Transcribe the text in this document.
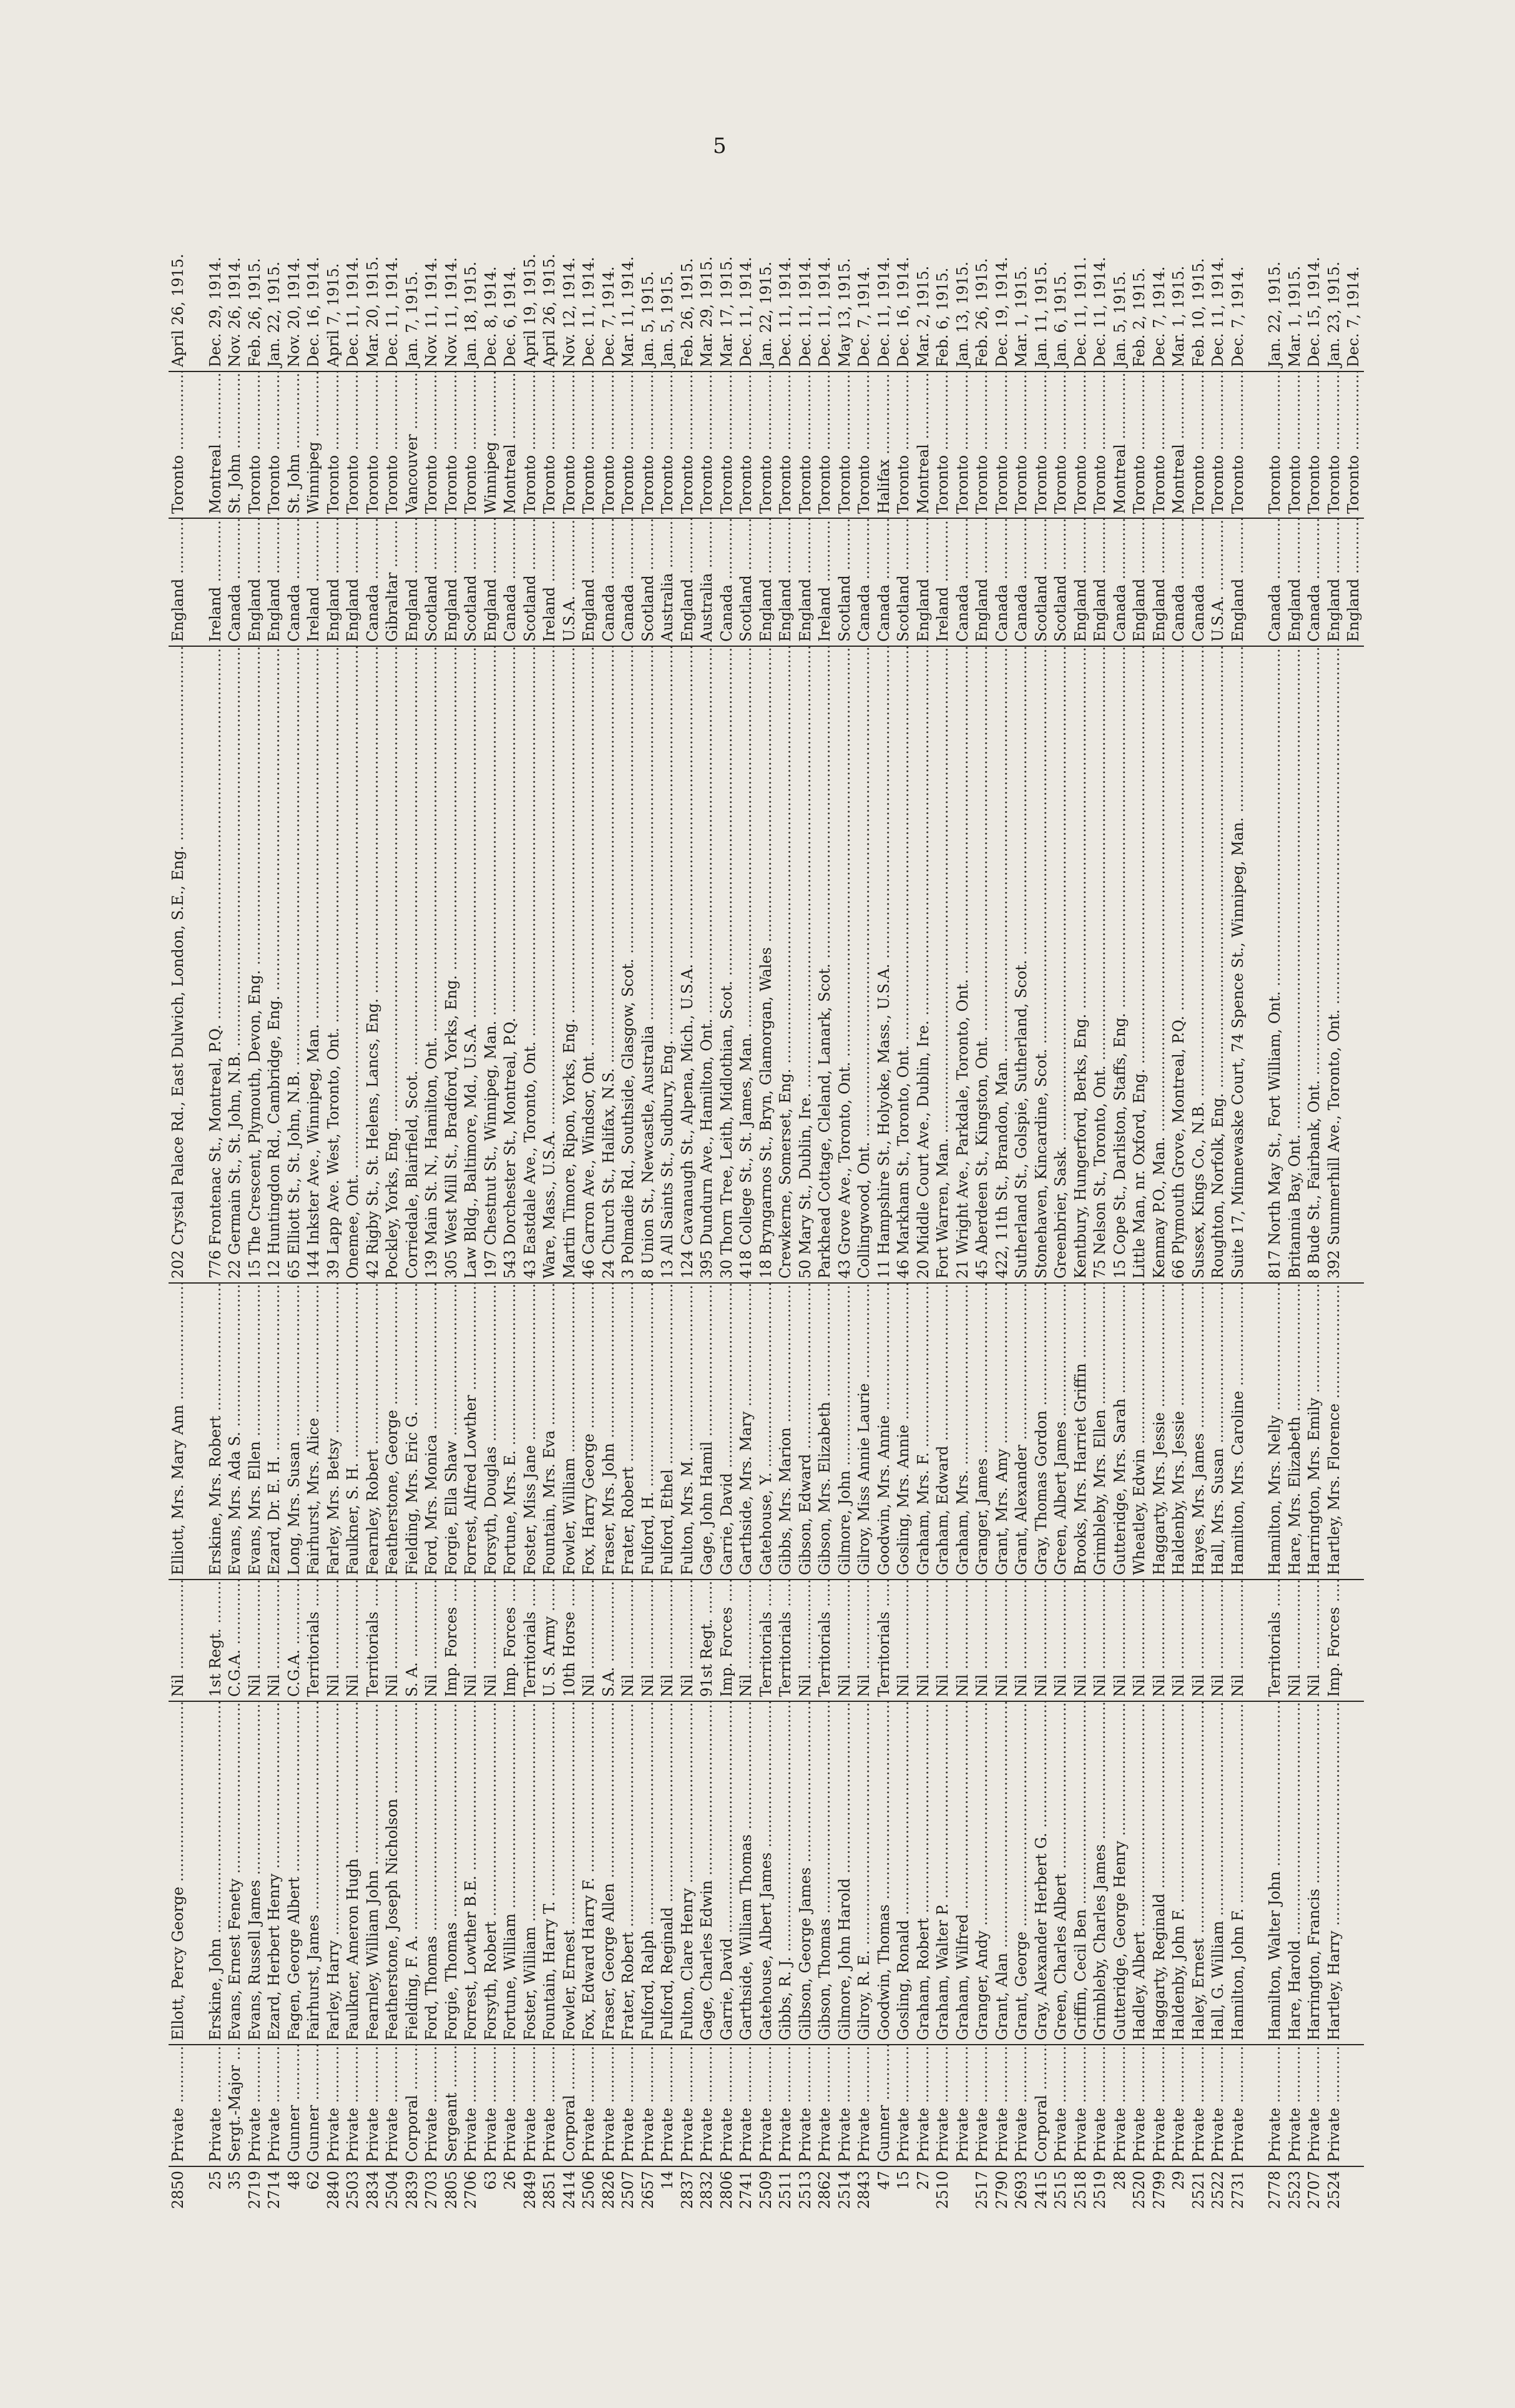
5
2850	Private .....	Ellott, Percy George .....	Nil .....	Elliott, Mrs. Mary Ann .....	202 Crystal Palace Rd., East Dulwich, London, S.E., Eng. .....	England .....	Toronto .....	April 26, 1915.
25	Private .....	Erskine, John .....	1st Regt. .....	Erskine, Mrs. Robert .....	776 Frontenac St., Montreal, P.Q. .....	Ireland .....	Montreal .....	Dec. 29, 1914.
35	Sergt.-Major .....	Evans, Ernest Fenety .....	C.G.A. .....	Evans, Mrs. Ada S. .....	22 Germain St., St. John, N.B. .....	Canada .....	St. John .....	Nov. 26, 1914.
2719	Private .....	Evans, Russell James .....	Nil .....	Evans, Mrs. Ellen .....	15 The Crescent, Plymouth, Devon, Eng. .....	England .....	Toronto .....	Feb. 26, 1915.
2714	Private .....	Ezard, Herbert Henry .....	Nil .....	Ezard, Dr. E. H. .....	12 Huntingdon Rd., Cambridge, Eng. .....	England .....	Toronto .....	Jan. 22, 1915.
48	Gunner .....	Fagen, George Albert .....	C.G.A. .....	Long, Mrs. Susan .....	65 Elliott St., St. John, N.B. .....	Canada .....	St. John .....	Nov. 20, 1914.
62	Gunner .....	Fairhurst, James .....	Territorials .....	Fairhurst, Mrs. Alice .....	144 Inkster Ave., Winnipeg, Man. .....	Ireland .....	Winnipeg .....	Dec. 16, 1914.
2840	Private .....	Farley, Harry .....	Nil .....	Farley, Mrs. Betsy .....	39 Lapp Ave. West, Toronto, Ont. .....	England .....	Toronto .....	April 7, 1915.
2503	Private .....	Faulkner, Ameron Hugh .....	Nil .....	Faulkner, S. H. .....	Onemee, Ont. .....	England .....	Toronto .....	Dec. 11, 1914.
2834	Private .....	Fearnley, William John .....	Territorials .....	Fearnley, Robert .....	42 Rigby St., St. Helens, Lancs, Eng. .....	Canada .....	Toronto .....	Mar. 20, 1915.
2504	Private .....	Featherstone, Joseph Nicholson .....	Nil .....	Featherstone, George .....	Pockley, Yorks, Eng. .....	Gibraltar .....	Toronto .....	Dec. 11, 1914.
2839	Corporal .....	Fielding, F. A. .....	S. A. .....	Fielding, Mrs. Eric G. .....	Corriedale, Blairfield, Scot. .....	England .....	Vancouver .....	Jan. 7, 1915.
2703	Private .....	Ford, Thomas .....	Nil .....	Ford, Mrs. Monica .....	139 Main St. N., Hamilton, Ont. .....	Scotland .....	Toronto .....	Nov. 11, 1914.
2805	Sergeant .....	Forgie, Thomas .....	Imp. Forces .....	Forgie, Ella Shaw .....	305 West Mill St., Bradford, Yorks, Eng. .....	England .....	Toronto .....	Nov. 11, 1914.
2706	Private .....	Forrest, Lowther B.E. .....	Nil .....	Forrest, Alfred Lowther .....	Law Bldg., Baltimore, Md., U.S.A. .....	Scotland .....	Toronto .....	Jan. 18, 1915.
63	Private .....	Forsyth, Robert .....	Nil .....	Forsyth, Douglas .....	197 Chestnut St., Winnipeg, Man. .....	England .....	Winnipeg .....	Dec. 8, 1914.
26	Private .....	Fortune, William .....	Imp. Forces .....	Fortune, Mrs. E. .....	543 Dorchester St., Montreal, P.Q. .....	Canada .....	Montreal .....	Dec. 6, 1914.
2849	Private .....	Foster, William .....	Territorials .....	Foster, Miss Jane .....	43 Eastdale Ave., Toronto, Ont. .....	Scotland .....	Toronto .....	April 19, 1915.
2851	Private .....	Fountain, Harry T. .....	U. S. Army .....	Fountain, Mrs. Eva .....	Ware, Mass., U.S.A. .....	Ireland .....	Toronto .....	April 26, 1915.
2414	Corporal .....	Fowler, Ernest .....	10th Horse .....	Fowler, William .....	Martin Timore, Ripon, Yorks, Eng. .....	U.S.A. .....	Toronto .....	Nov. 12, 1914.
2506	Private .....	Fox, Edward Harry F. .....	Nil .....	Fox, Harry George .....	46 Carron Ave., Windsor, Ont. .....	England .....	Toronto .....	Dec. 11, 1914.
2826	Private .....	Fraser, George Allen .....	S.A. .....	Fraser, Mrs. John .....	24 Church St., Halifax, N.S. .....	Canada .....	Toronto .....	Dec. 7, 1914.
2507	Private .....	Frater, Robert .....	Nil .....	Frater, Robert .....	3 Polmadie Rd., Southside, Glasgow, Scot. .....	Canada .....	Toronto .....	Mar. 11, 1914.
2657	Private .....	Fulford, Ralph .....	Nil .....	Fulford, H. .....	8 Union St., Newcastle, Australia .....	Scotland .....	Toronto .....	Jan. 5, 1915.
14	Private .....	Fulford, Reginald .....	Nil .....	Fulford, Ethel .....	13 All Saints St., Sudbury, Eng. .....	Australia .....	Toronto .....	Jan. 5, 1915.
2837	Private .....	Fulton, Clare Henry .....	Nil .....	Fulton, Mrs. M. .....	124 Cavanaugh St., Alpena, Mich., U.S.A. .....	England .....	Toronto .....	Feb. 26, 1915.
2832	Private .....	Gage, Charles Edwin .....	91st Regt. .....	Gage, John Hamil .....	395 Dundurn Ave., Hamilton, Ont. .....	Australia .....	Toronto .....	Mar. 29, 1915.
2806	Private .....	Garrie, David .....	Imp. Forces .....	Garrie, David .....	30 Thorn Tree, Leith, Midlothian, Scot. .....	Canada .....	Toronto .....	Mar. 17, 1915.
2741	Private .....	Garthside, William Thomas .....	Nil .....	Garthside, Mrs. Mary .....	418 College St., St. James, Man. .....	Scotland .....	Toronto .....	Dec. 11, 1914.
2509	Private .....	Gatehouse, Albert James .....	Territorials .....	Gatehouse, Y. .....	18 Bryngarnos St., Bryn, Glamorgan, Wales .....	England .....	Toronto .....	Jan. 22, 1915.
2511	Private .....	Gibbs, R. J. .....	Territorials .....	Gibbs, Mrs. Marion .....	Crewkerne, Somerset, Eng. .....	England .....	Toronto .....	Dec. 11, 1914.
2513	Private .....	Gilbson, George James .....	Nil .....	Gibson, Edward .....	50 Mary St., Dublin, Ire. .....	England .....	Toronto .....	Dec. 11, 1914.
2862	Private .....	Gibson, Thomas .....	Territorials .....	Gibson, Mrs. Elizabeth .....	Parkhead Cottage, Cleland, Lanark, Scot. .....	Ireland .....	Toronto .....	Dec. 11, 1914.
2514	Private .....	Gilmore, John Harold .....	Nil .....	Gilmore, John .....	43 Grove Ave., Toronto, Ont. .....	Scotland .....	Toronto .....	May 13, 1915.
2843	Private .....	Gilroy, R. E. .....	Nil .....	Gilroy, Miss Annie Laurie .....	Collingwood, Ont. .....	Canada .....	Toronto .....	Dec. 7, 1914.
47	Gunner .....	Goodwin, Thomas .....	Territorials .....	Goodwin, Mrs. Annie .....	11 Hampshire St., Holyoke, Mass., U.S.A. .....	Canada .....	Halifax .....	Dec. 11, 1914.
15	Private .....	Gosling, Ronald .....	Nil .....	Gosling, Mrs. Annie .....	46 Markham St., Toronto, Ont. .....	Scotland .....	Toronto .....	Dec. 16, 1914.
27	Private .....	Graham, Robert .....	Nil .....	Graham, Mrs. F. .....	20 Middle Court Ave., Dublin, Ire. .....	England .....	Montreal .....	Mar. 2, 1915.
2510	Private .....	Graham, Walter P. .....	Nil .....	Graham, Edward .....	Fort Warren, Man. .....	Ireland .....	Toronto .....	Feb. 6, 1915.
	Private .....	Graham, Wilfred .....	Nil .....	Graham, Mrs. .....	21 Wright Ave., Parkdale, Toronto, Ont. .....	Canada .....	Toronto .....	Jan. 13, 1915.
2517	Private .....	Granger, Andy .....	Nil .....	Granger, James .....	45 Aberdeen St., Kingston, Ont. .....	England .....	Toronto .....	Feb. 26, 1915.
2790	Private .....	Grant, Alan .....	Nil .....	Grant, Mrs. Amy .....	422, 11th St., Brandon, Man. .....	Canada .....	Toronto .....	Dec. 19, 1914.
2693	Private .....	Grant, George .....	Nil .....	Grant, Alexander .....	Sutherland St., Golspie, Sutherland, Scot. .....	Canada .....	Toronto .....	Mar. 1, 1915.
2415	Corporal .....	Gray, Alexander Herbert G. .....	Nil .....	Gray, Thomas Gordon .....	Stonehaven, Kincardine, Scot. .....	Scotland .....	Toronto .....	Jan. 11, 1915.
2515	Private .....	Green, Charles Albert .....	Nil .....	Green, Albert James .....	Greenbrier, Sask. .....	Scotland .....	Toronto .....	Jan. 6, 1915.
2518	Private .....	Griffin, Cecil Ben .....	Nil .....	Brooks, Mrs. Harriet Griffin .....	Kentbury, Hungerford, Berks, Eng. .....	England .....	Toronto .....	Dec. 11, 1911.
2519	Private .....	Grimbleby, Charles James .....	Nil .....	Grimbleby, Mrs. Ellen .....	75 Nelson St., Toronto, Ont. .....	England .....	Toronto .....	Dec. 11, 1914.
28	Private .....	Gutteridge, George Henry .....	Nil .....	Gutteridge, Mrs. Sarah .....	15 Cope St., Darliston, Staffs, Eng. .....	Canada .....	Montreal .....	Jan. 5, 1915.
2520	Private .....	Hadley, Albert .....	Nil .....	Wheatley, Edwin .....	Little Man, nr. Oxford, Eng. .....	England .....	Toronto .....	Feb. 2, 1915.
2799	Private .....	Haggarty, Reginald .....	Nil .....	Haggarty, Mrs. Jessie .....	Kenmay P.O., Man. .....	England .....	Toronto .....	Dec. 7, 1914.
29	Private .....	Haldenby, John F. .....	Nil .....	Haldenby, Mrs. Jessie .....	66 Plymouth Grove, Montreal, P.Q. .....	Canada .....	Montreal .....	Mar. 1, 1915.
2521	Private .....	Haley, Ernest .....	Nil .....	Hayes, Mrs. James .....	Sussex, Kings Co., N.B. .....	Canada .....	Toronto .....	Feb. 10, 1915.
2522	Private .....	Hall, G. William .....	Nil .....	Hall, Mrs. Susan .....	Roughton, Norfolk, Eng. .....	U.S.A. .....	Toronto .....	Dec. 11, 1914.
2731	Private .....	Hamilton, John F. .....	Nil .....	Hamilton, Mrs. Caroline .....	Suite 17, Minnewaske Court, 74 Spence St., Winnipeg, Man. .....	England .....	Toronto .....	Dec. 7, 1914.
2778	Private .....	Hamilton, Walter John .....	Territorials .....	Hamilton, Mrs. Nelly .....	817 North May St., Fort William, Ont. .....	Canada .....	Toronto .....	Jan. 22, 1915.
2523	Private .....	Hare, Harold .....	Nil .....	Hare, Mrs. Elizabeth .....	Britannia Bay, Ont. .....	England .....	Toronto .....	Mar. 1, 1915.
2707	Private .....	Harrington, Francis .....	Nil .....	Harrington, Mrs. Emily .....	8 Bude St., Fairbank, Ont. .....	Canada .....	Toronto .....	Dec. 15, 1914.
2524	Private .....	Hartley, Harry .....	Imp. Forces .....	Hartley, Mrs. Florence .....	392 Summerhill Ave., Toronto, Ont. .....	England .....	Toronto .....	Jan. 23, 1915.
						England .....	Toronto .....	Dec. 7, 1914.
